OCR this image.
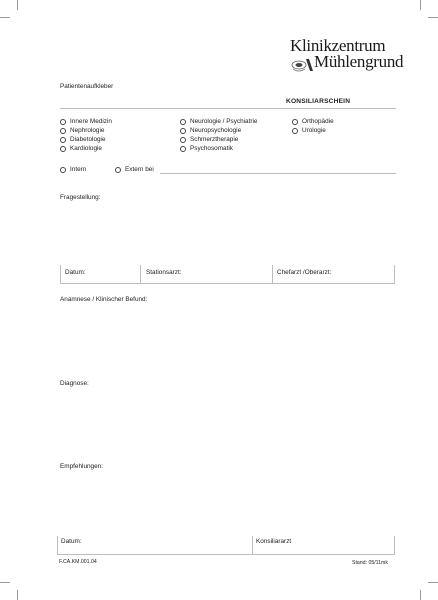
Klinikzentrum
Mühlengrund
Patientenaufkleber
KONSILIARSCHEIN
Innere Medizin
Nephrologie
Diabetologie
Kardiologie
Neurologie / Psychiatrie
Neuropsychologie
Schmerztherapie
Psychosomatik
Orthopädie
Urologie
Intern	Extern bei
Fragestellung:
Datum:	Stationsarzt:	Chefarzt /Oberarzt:
Anamnese / Klinischer Befund:
Diagnose:
Empfehlungen:
Datum:	Konsiliararzt
F.CA.KM.001.04	Stand: 05/11mk
